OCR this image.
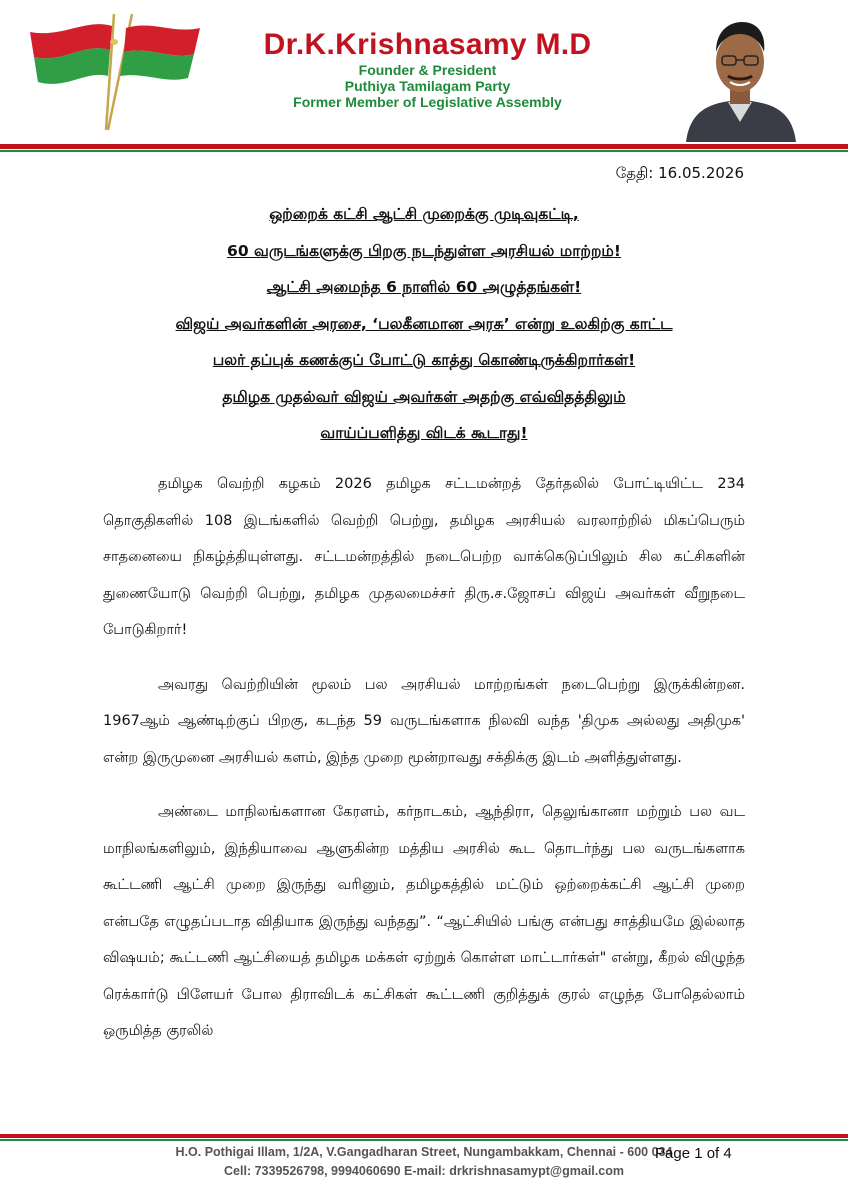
Dr.K.Krishnasamy M.D
Founder & President
Puthiya Tamilagam Party
Former Member of Legislative Assembly
தேதி: 16.05.2026
ஒற்றைக் கட்சி ஆட்சி முறைக்கு முடிவுகட்டி,
60 வருடங்களுக்கு பிறகு நடந்துள்ள அரசியல் மாற்றம்!
ஆட்சி அமைந்த 6 நாளில் 60 அழுத்தங்கள்!
விஜய் அவர்களின் அரசை, ‘பலகீனமான அரசு’ என்று உலகிற்கு காட்ட
பலர் தப்புக் கணக்குப் போட்டு காத்து கொண்டிருக்கிறார்கள்!
தமிழக முதல்வர் விஜய் அவர்கள் அதற்கு எவ்விதத்திலும்
வாய்ப்பளித்து விடக் கூடாது!

தமிழக வெற்றி கழகம் 2026 தமிழக சட்டமன்றத் தேர்தலில் போட்டியிட்ட 234 தொகுதிகளில் 108 இடங்களில் வெற்றி பெற்று, தமிழக அரசியல் வரலாற்றில் மிகப்பெரும் சாதனையை நிகழ்த்தியுள்ளது. சட்டமன்றத்தில் நடைபெற்ற வாக்கெடுப்பிலும் சில கட்சிகளின் துணையோடு வெற்றி பெற்று, தமிழக முதலமைச்சர் திரு.ச.ஜோசப் விஜய் அவர்கள் வீறுநடை போடுகிறார்!

அவரது வெற்றியின் மூலம் பல அரசியல் மாற்றங்கள் நடைபெற்று இருக்கின்றன. 1967ஆம் ஆண்டிற்குப் பிறகு, கடந்த 59 வருடங்களாக நிலவி வந்த 'திமுக அல்லது அதிமுக' என்ற இருமுனை அரசியல் களம், இந்த முறை மூன்றாவது சக்திக்கு இடம் அளித்துள்ளது.

அண்டை மாநிலங்களான கேரளம், கர்நாடகம், ஆந்திரா, தெலுங்கானா மற்றும் பல வட மாநிலங்களிலும், இந்தியாவை ஆளுகின்ற மத்திய அரசில் கூட தொடர்ந்து பல வருடங்களாக கூட்டணி ஆட்சி முறை இருந்து வரினும், தமிழகத்தில் மட்டும் ஒற்றைக்கட்சி ஆட்சி முறை என்பதே எழுதப்படாத விதியாக இருந்து வந்தது”. “ஆட்சியில் பங்கு என்பது சாத்தியமே இல்லாத விஷயம்; கூட்டணி ஆட்சியைத் தமிழக மக்கள் ஏற்றுக் கொள்ள மாட்டார்கள்" என்று, கீறல் விழுந்த ரெக்கார்டு பிளேயர் போல திராவிடக் கட்சிகள் கூட்டணி குறித்துக் குரல் எழுந்த போதெல்லாம் ஒருமித்த குரலில்

H.O. Pothigai Illam, 1/2A, V.Gangadharan Street, Nungambakkam, Chennai - 600 034
Cell: 7339526798, 9994060690 E-mail: drkrishnasamypt@gmail.com
Page 1 of 4
